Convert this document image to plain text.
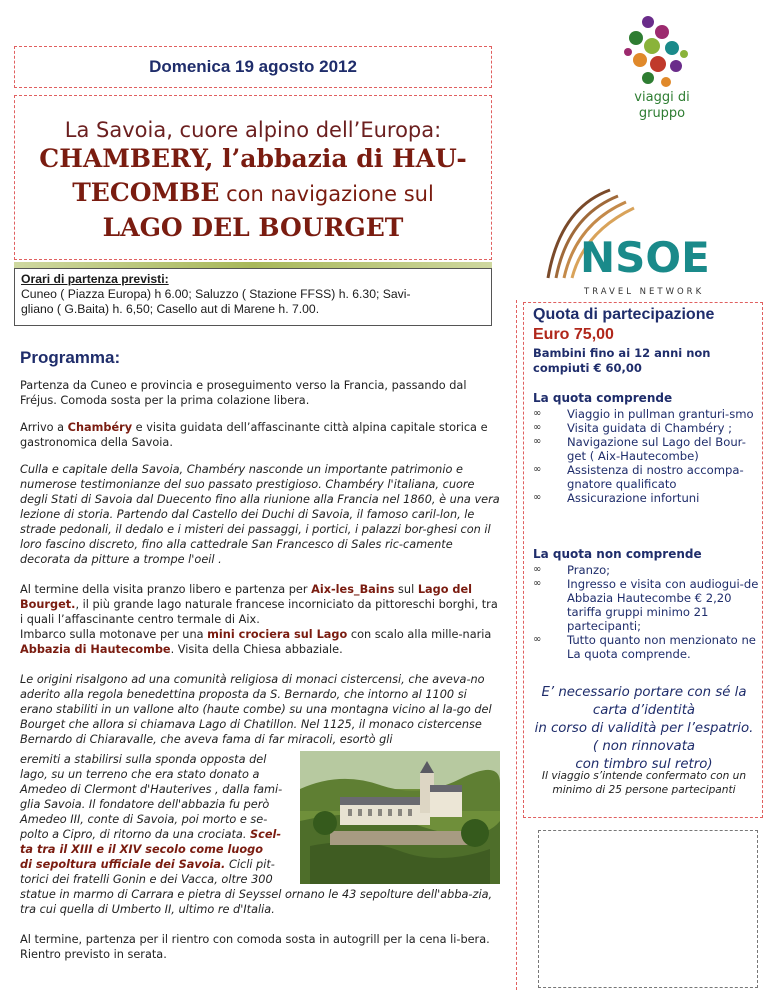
Domenica 19 agosto 2012
La Savoia, cuore alpino dell’Europa:
CHAMBERY, l’abbazia di HAU-
TECOMBE con navigazione sul
LAGO DEL BOURGET
Orari di partenza previsti:
Cuneo ( Piazza Europa) h 6.00; Saluzzo ( Stazione FFSS) h. 6.30; Savi-
gliano ( G.Baita) h. 6,50; Casello aut di Marene h. 7.00.
Programma:

Partenza da Cuneo e provincia e proseguimento verso la Francia, passando dal Fréjus. Comoda sosta per la prima colazione libera.

Arrivo a Chambéry e visita guidata dell’affascinante città alpina capitale storica e gastronomica della Savoia.

Culla e capitale della Savoia, Chambéry nasconde un importante patrimonio e numerose testimonianze del suo passato prestigioso. Chambéry l'italiana, cuore degli Stati di Savoia dal Duecento fino alla riunione alla Francia nel 1860, è una vera lezione di storia. Partendo dal Castello dei Duchi di Savoia, il famoso caril-lon, le strade pedonali, il dedalo e i misteri dei passaggi, i portici, i palazzi bor-ghesi con il loro fascino discreto, fino alla cattedrale San Francesco di Sales ric-camente decorata da pitture a trompe l'oeil .

Al termine della visita pranzo libero e partenza per Aix-les_Bains sul Lago del Bourget., il più grande lago naturale francese incorniciato da pittoreschi borghi, tra i quali l’affascinante centro termale di Aix.
Imbarco sulla motonave per una mini crociera sul Lago con scalo alla mille-naria Abbazia di Hautecombe. Visita della Chiesa abbaziale.

Le origini risalgono ad una comunità religiosa di monaci cistercensi, che aveva-no aderito alla regola benedettina proposta da S. Bernardo, che intorno al 1100 si erano stabiliti in un vallone alto (haute combe) su una montagna vicino al la-go del Bourget che allora si chiamava Lago di Chatillon. Nel 1125, il monaco cistercense Bernardo di Chiaravalle, che aveva fama di far miracoli, esortò gli

eremiti a stabilirsi sulla sponda opposta del
lago, su un terreno che era stato donato a
Amedeo di Clermont d'Hauterives , dalla fami-
glia Savoia. Il fondatore dell'abbazia fu però
Amedeo III, conte di Savoia, poi morto e se-
polto a Cipro, di ritorno da una crociata. Scel-
ta tra il XIII e il XIV secolo come luogo
di sepoltura ufficiale dei Savoia. Cicli pit-
torici dei fratelli Gonin e dei Vacca, oltre 300

statue in marmo di Carrara e pietra di Seyssel ornano le 43 sepolture dell'abba-zia, tra cui quella di Umberto II, ultimo re d'Italia.

Al termine, partenza per il rientro con comoda sosta in autogrill per la cena li-bera. Rientro previsto in serata.

viaggi di
gruppo
NSOE
TRAVEL NETWORK
Quota di partecipazione
Euro 75,00
Bambini fino ai 12 anni non compiuti € 60,00
La quota comprende
∞ Viaggio in pullman granturi-smo
∞ Visita guidata di Chambéry ;
∞ Navigazione sul Lago del Bour-get ( Aix-Hautecombe)
∞ Assistenza di nostro accompa-gnatore qualificato
∞ Assicurazione infortuni
La quota non comprende
∞ Pranzo;
∞ Ingresso e visita con audiogui-de Abbazia Hautecombe € 2,20 tariffa gruppi minimo 21 partecipanti;
∞ Tutto quanto non menzionato ne La quota comprende.
E’ necessario portare con sé la
carta d’identità
in corso di validità per l’espatrio.
( non rinnovata
con timbro sul retro)
Il viaggio s’intende confermato con un minimo di 25 persone partecipanti
